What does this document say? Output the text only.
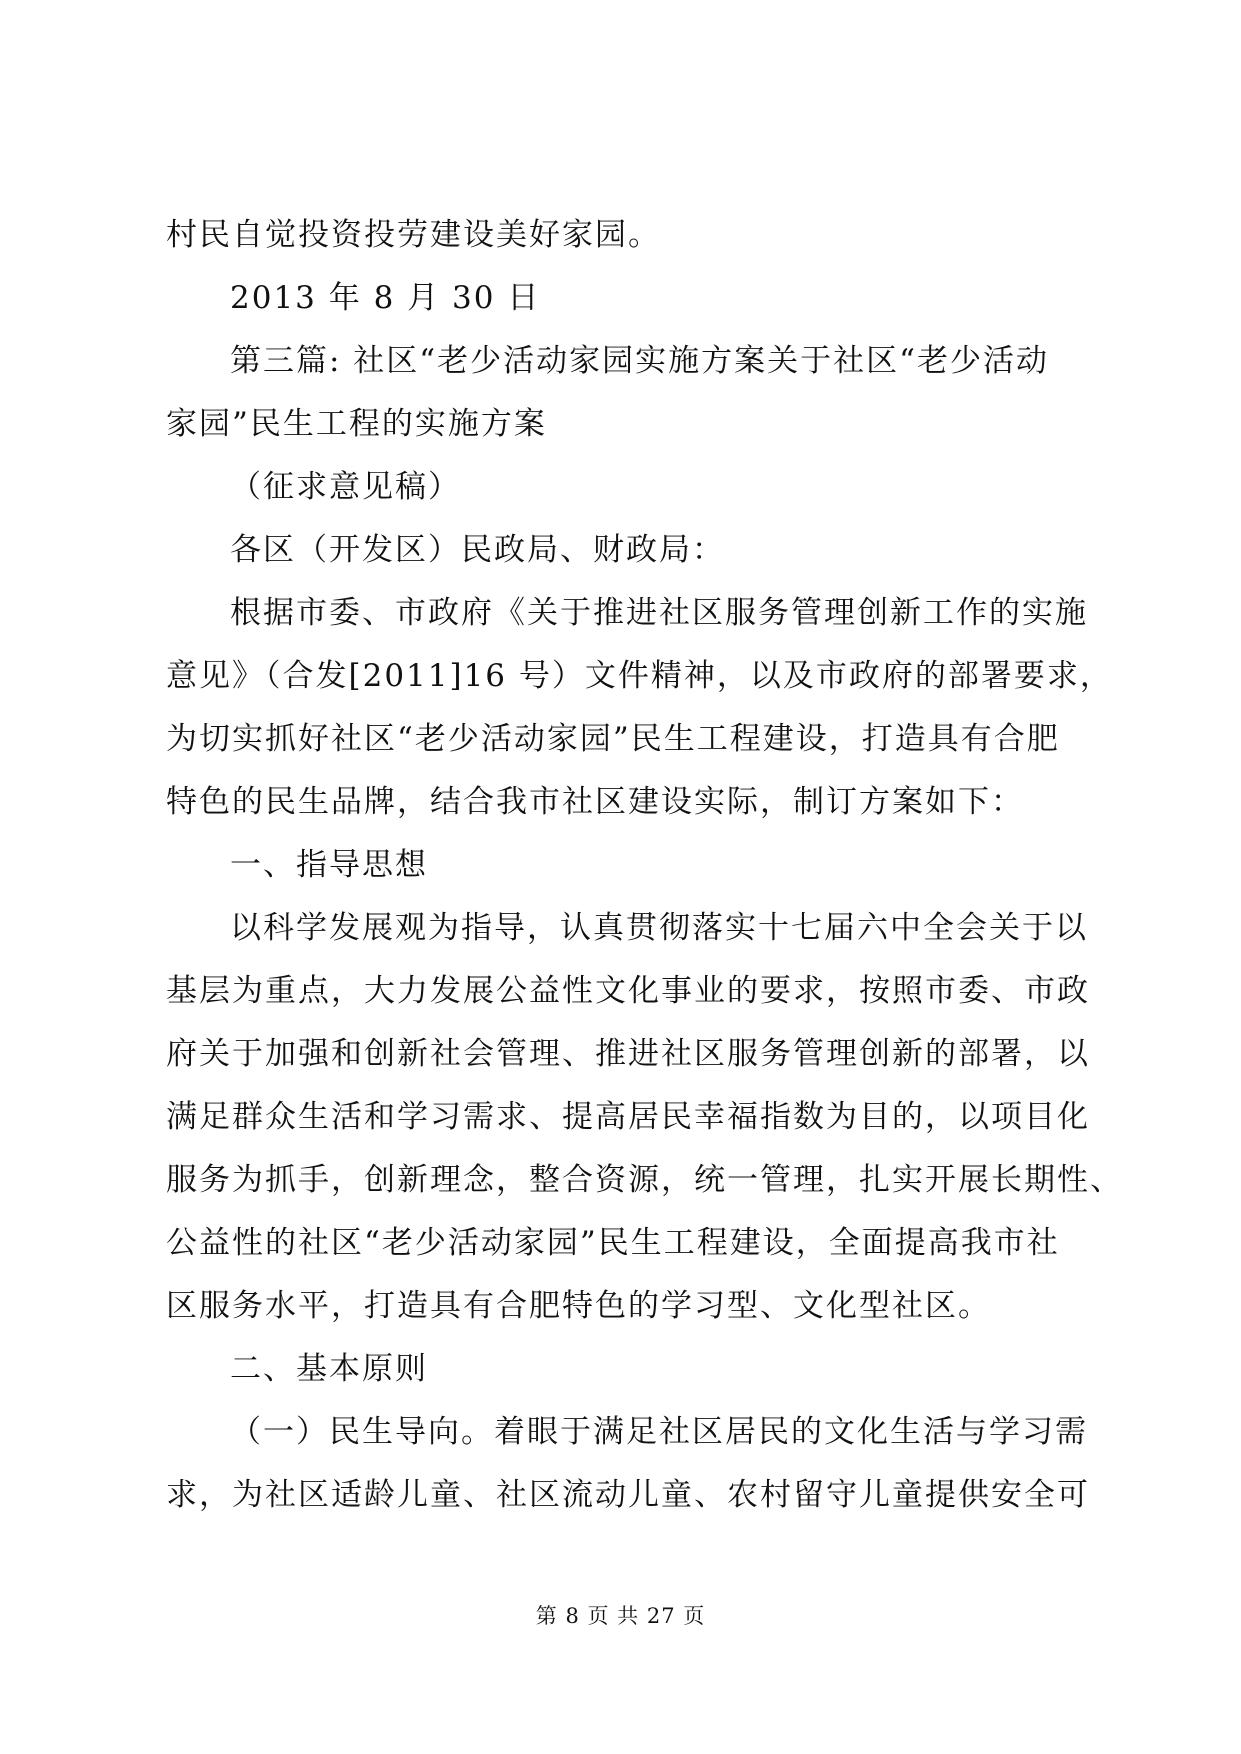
村民自觉投资投劳建设美好家园。
2013 年 8 月 30 日
第三篇: 社区“老少活动家园实施方案关于社区“老少活动
家园”民生工程的实施方案
（征求意见稿）
各区（开发区）民政局、财政局：
根据市委、市政府《关于推进社区服务管理创新工作的实施
意见》（合发[2011]16 号）文件精神，以及市政府的部署要求，
为切实抓好社区“老少活动家园”民生工程建设，打造具有合肥
特色的民生品牌，结合我市社区建设实际，制订方案如下：
一、指导思想
以科学发展观为指导，认真贯彻落实十七届六中全会关于以
基层为重点，大力发展公益性文化事业的要求，按照市委、市政
府关于加强和创新社会管理、推进社区服务管理创新的部署，以
满足群众生活和学习需求、提高居民幸福指数为目的，以项目化
服务为抓手，创新理念，整合资源，统一管理，扎实开展长期性、
公益性的社区“老少活动家园”民生工程建设，全面提高我市社
区服务水平，打造具有合肥特色的学习型、文化型社区。
二、基本原则
（一）民生导向。着眼于满足社区居民的文化生活与学习需
求，为社区适龄儿童、社区流动儿童、农村留守儿童提供安全可
第 8 页 共 27 页
